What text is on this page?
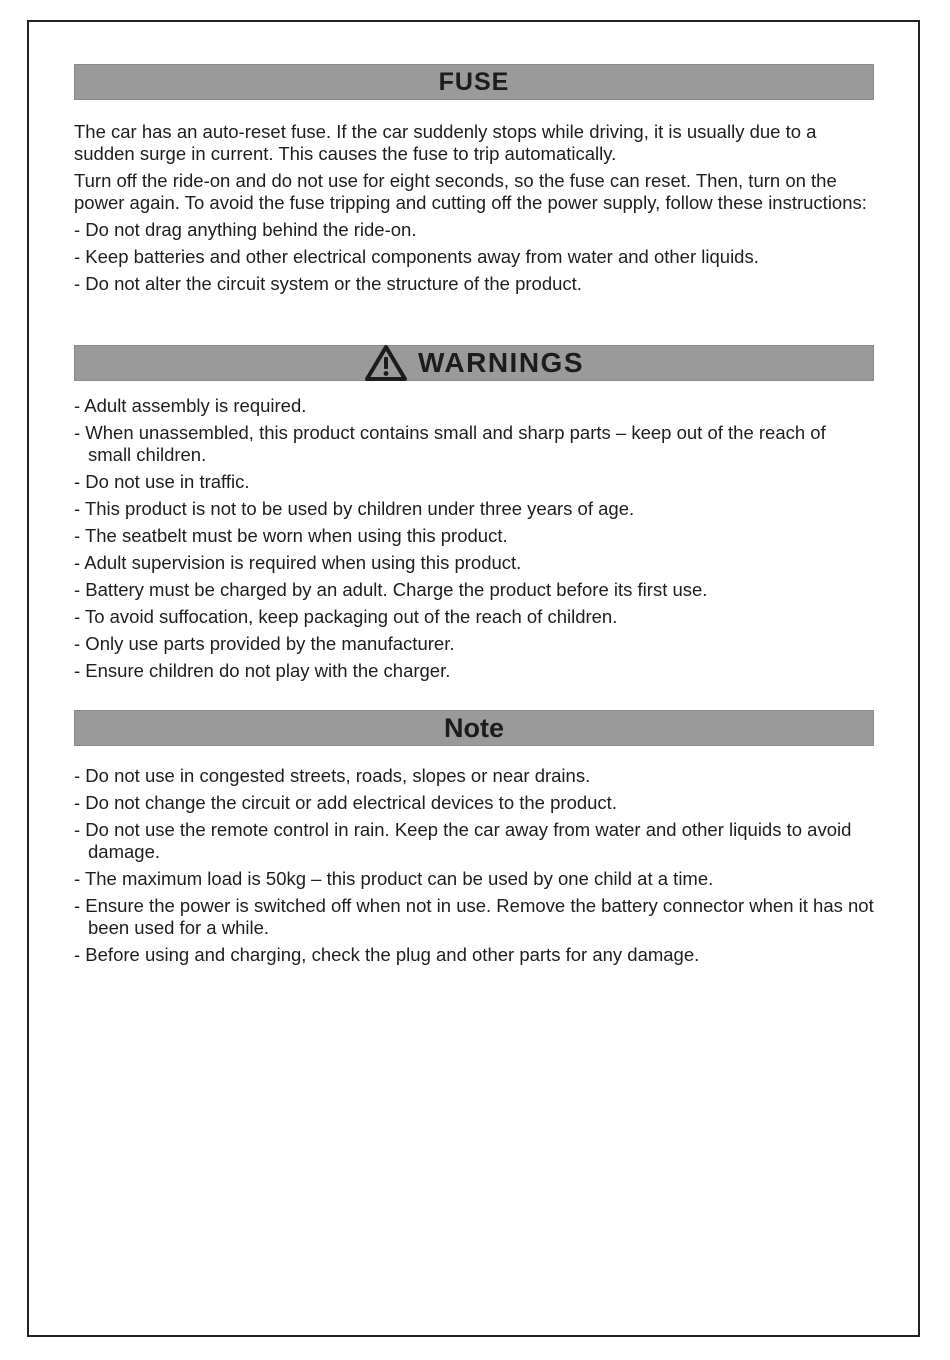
FUSE

The car has an auto-reset fuse. If the car suddenly stops while driving, it is usually due to a sudden surge in current. This causes the fuse to trip automatically.

Turn off the ride-on and do not use for eight seconds, so the fuse can reset. Then, turn on the power again. To avoid the fuse tripping and cutting off the power supply, follow these instructions:

- Do not drag anything behind the ride-on.
- Keep batteries and other electrical components away from water and other liquids.
- Do not alter the circuit system or the structure of the product.
WARNINGS
- Adult assembly is required.
- When unassembled, this product contains small and sharp parts – keep out of the reach of small children.
- Do not use in traffic.
- This product is not to be used by children under three years of age.
- The seatbelt must be worn when using this product.
- Adult supervision is required when using this product.
- Battery must be charged by an adult. Charge the product before its first use.
- To avoid suffocation, keep packaging out of the reach of children.
- Only use parts provided by the manufacturer.
- Ensure children do not play with the charger.
Note
- Do not use in congested streets, roads, slopes or near drains.
- Do not change the circuit or add electrical devices to the product.
- Do not use the remote control in rain. Keep the car away from water and other liquids to avoid damage.
- The maximum load is 50kg – this product can be used by one child at a time.
- Ensure the power is switched off when not in use. Remove the battery connector when it has not been used for a while.
- Before using and charging, check the plug and other parts for any damage.
